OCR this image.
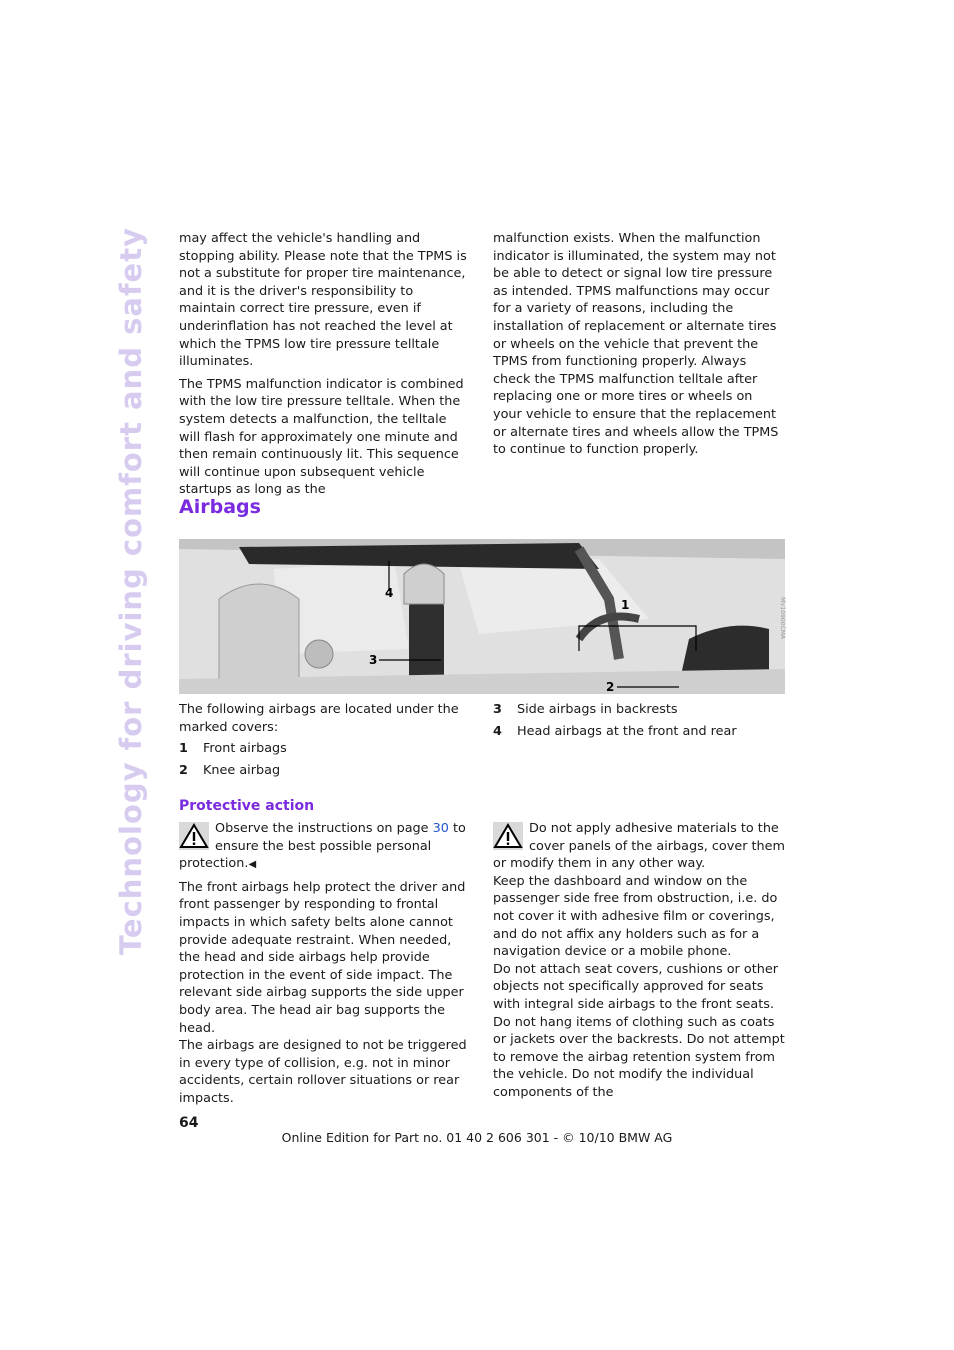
Technology for driving comfort and safety may affect the vehicle's handling and stopping ability. Please note that the TPMS is not a substitute for proper tire maintenance, and it is the driver's responsibility to maintain correct tire pressure, even if underinflation has not reached the level at which the TPMS low tire pressure telltale illuminates.

The TPMS malfunction indicator is combined with the low tire pressure telltale. When the system detects a malfunction, the telltale will flash for approximately one minute and then remain continuously lit. This sequence will continue upon subsequent vehicle startups as long as the

malfunction exists. When the malfunction indicator is illuminated, the system may not be able to detect or signal low tire pressure as intended. TPMS malfunctions may occur for a variety of reasons, including the installation of replacement or alternate tires or wheels on the vehicle that prevent the TPMS from functioning properly. Always check the TPMS malfunction telltale after replacing one or more tires or wheels on your vehicle to ensure that the replacement or alternate tires and wheels allow the TPMS to continue to function properly.

Airbags
1
2
3
4
MV10900CMA
The following airbags are located under the marked covers:
1	Front airbags
2	Knee airbag
3	Side airbags in backrests
4	Head airbags at the front and rear
Protective action

Observe the instructions on page 30 to ensure the best possible personal protection.◀

The front airbags help protect the driver and front passenger by responding to frontal impacts in which safety belts alone cannot provide adequate restraint. When needed, the head and side airbags help provide protection in the event of side impact. The relevant side airbag supports the side upper body area. The head air bag supports the head.

The airbags are designed to not be triggered in every type of collision, e.g. not in minor accidents, certain rollover situations or rear impacts.

Do not apply adhesive materials to the cover panels of the airbags, cover them or modify them in any other way.

Keep the dashboard and window on the passenger side free from obstruction, i.e. do not cover it with adhesive film or coverings, and do not affix any holders such as for a navigation device or a mobile phone.

Do not attach seat covers, cushions or other objects not specifically approved for seats with integral side airbags to the front seats. Do not hang items of clothing such as coats or jackets over the backrests. Do not attempt to remove the airbag retention system from the vehicle. Do not modify the individual components of the

64
Online Edition for Part no. 01 40 2 606 301 - © 10/10 BMW AG
